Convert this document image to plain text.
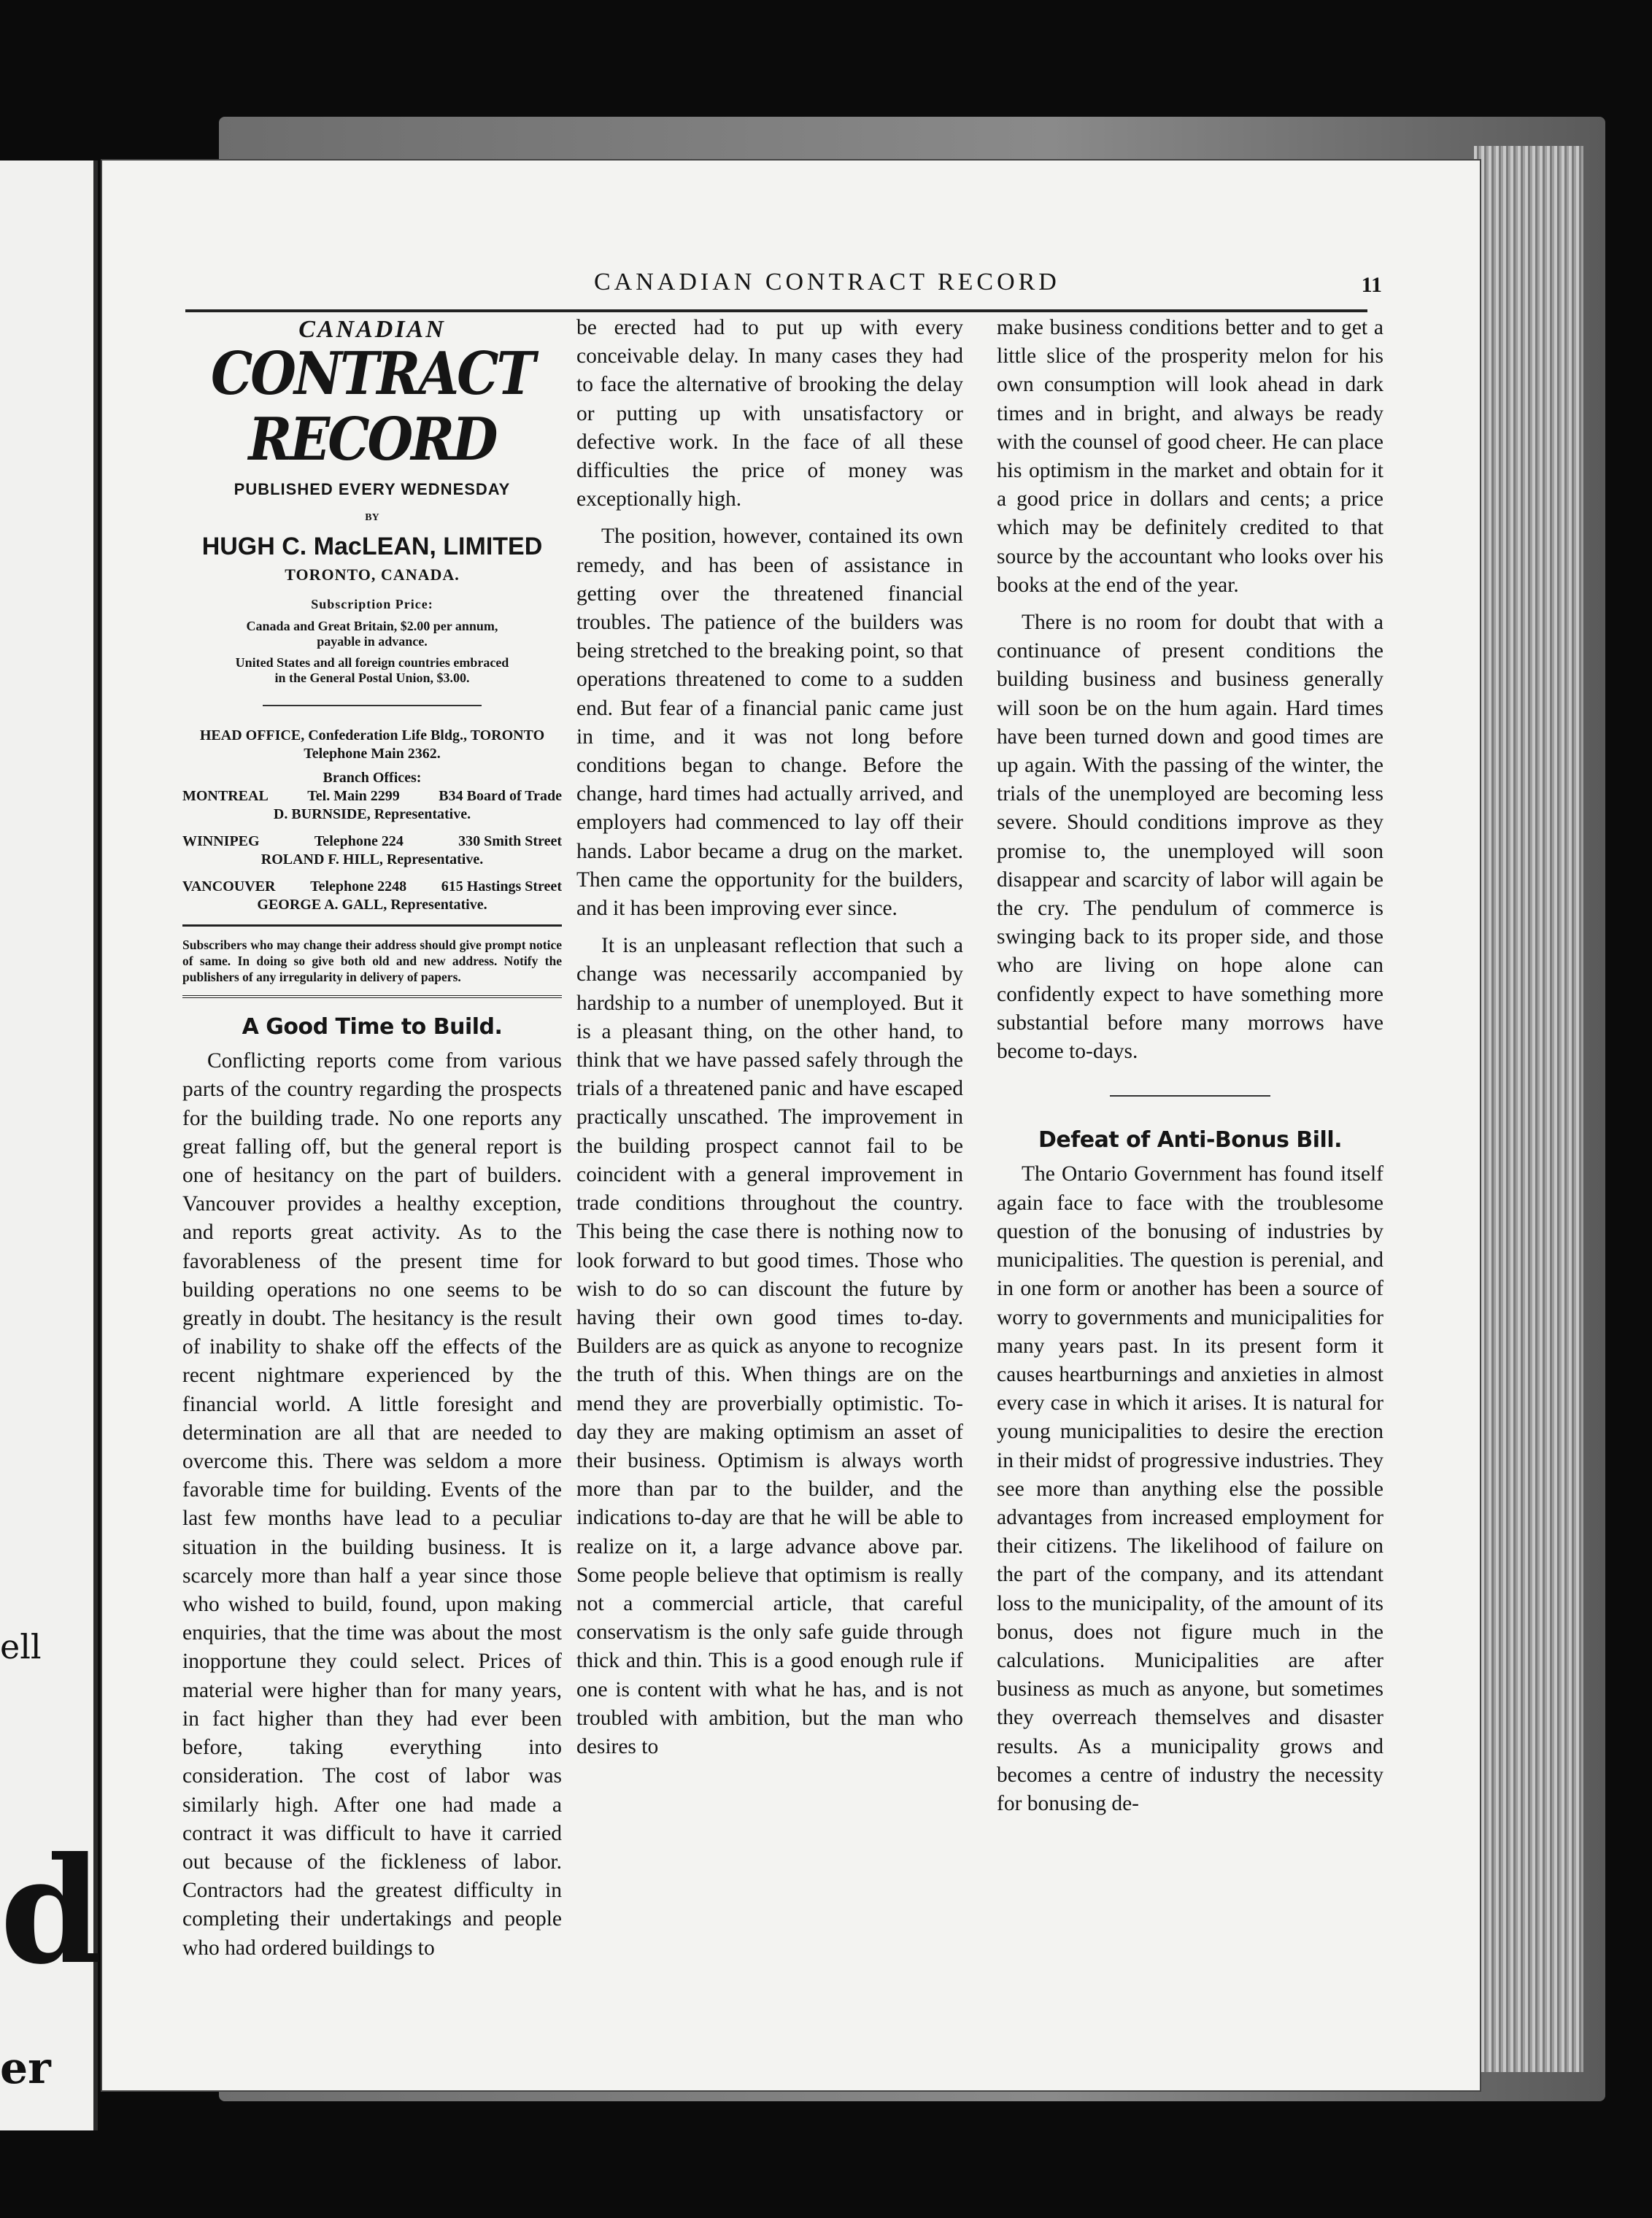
ell
d
er
CANADIAN CONTRACT RECORD	11
CANADIAN
CONTRACT RECORD
PUBLISHED EVERY WEDNESDAY
BY
HUGH C. MacLEAN, LIMITED
TORONTO, CANADA.
Subscription Price:
Canada and Great Britain, $2.00 per annum,
payable in advance.
United States and all foreign countries embraced
in the General Postal Union, $3.00.
HEAD OFFICE, Confederation Life Bldg., TORONTO
Telephone Main 2362.
Branch Offices:
MONTREAL	Tel. Main 2299	B34 Board of Trade
D. BURNSIDE, Representative.
WINNIPEG	Telephone 224	330 Smith Street
ROLAND F. HILL, Representative.
VANCOUVER Telephone 2248 615 Hastings Street
GEORGE A. GALL, Representative.
Subscribers who may change their address should give prompt notice of same. In doing so give both old and new address. Notify the publishers of any irregularity in delivery of papers.
A Good Time to Build.

Conflicting reports come from various parts of the country regarding the prospects for the building trade. No one reports any great falling off, but the general report is one of hesitancy on the part of builders. Vancouver provides a healthy exception, and reports great activity. As to the favorableness of the present time for building operations no one seems to be greatly in doubt. The hesitancy is the result of inability to shake off the effects of the recent nightmare experienced by the financial world. A little foresight and determination are all that are needed to overcome this. There was seldom a more favorable time for building. Events of the last few months have lead to a peculiar situation in the building business. It is scarcely more than half a year since those who wished to build, found, upon making enquiries, that the time was about the most inopportune they could select. Prices of material were higher than for many years, in fact higher than they had ever been before, taking everything into consideration. The cost of labor was similarly high. After one had made a contract it was difficult to have it carried out because of the fickleness of labor. Contractors had the greatest difficulty in completing their undertakings and people who had ordered buildings to

be erected had to put up with every conceivable delay. In many cases they had to face the alternative of brooking the delay or putting up with unsatisfactory or defective work. In the face of all these difficulties the price of money was exceptionally high.

The position, however, contained its own remedy, and has been of assistance in getting over the threatened financial troubles. The patience of the builders was being stretched to the breaking point, so that operations threatened to come to a sudden end. But fear of a financial panic came just in time, and it was not long before conditions began to change. Before the change, hard times had actually arrived, and employers had commenced to lay off their hands. Labor became a drug on the market. Then came the opportunity for the builders, and it has been improving ever since.

It is an unpleasant reflection that such a change was necessarily accompanied by hardship to a number of unemployed. But it is a pleasant thing, on the other hand, to think that we have passed safely through the trials of a threatened panic and have escaped practically unscathed. The improvement in the building prospect cannot fail to be coincident with a general improvement in trade conditions throughout the country. This being the case there is nothing now to look forward to but good times. Those who wish to do so can discount the future by having their own good times to-day. Builders are as quick as anyone to recognize the truth of this. When things are on the mend they are proverbially optimistic. To-day they are making optimism an asset of their business. Optimism is always worth more than par to the builder, and the indications to-day are that he will be able to realize on it, a large advance above par. Some people believe that optimism is really not a commercial article, that careful conservatism is the only safe guide through thick and thin. This is a good enough rule if one is content with what he has, and is not troubled with ambition, but the man who desires to

make business conditions better and to get a little slice of the prosperity melon for his own consumption will look ahead in dark times and in bright, and always be ready with the counsel of good cheer. He can place his optimism in the market and obtain for it a good price in dollars and cents; a price which may be definitely credited to that source by the accountant who looks over his books at the end of the year.

There is no room for doubt that with a continuance of present conditions the building business and business generally will soon be on the hum again. Hard times have been turned down and good times are up again. With the passing of the winter, the trials of the unemployed are becoming less severe. Should conditions improve as they promise to, the unemployed will soon disappear and scarcity of labor will again be the cry. The pendulum of commerce is swinging back to its proper side, and those who are living on hope alone can confidently expect to have something more substantial before many morrows have become to-days.

Defeat of Anti-Bonus Bill.

The Ontario Government has found itself again face to face with the troublesome question of the bonusing of industries by municipalities. The question is perenial, and in one form or another has been a source of worry to governments and municipalities for many years past. In its present form it causes heartburnings and anxieties in almost every case in which it arises. It is natural for young municipalities to desire the erection in their midst of progressive industries. They see more than anything else the possible advantages from increased employment for their citizens. The likelihood of failure on the part of the company, and its attendant loss to the municipality, of the amount of its bonus, does not figure much in the calculations. Municipalities are after business as much as anyone, but sometimes they overreach themselves and disaster results. As a municipality grows and becomes a centre of industry the necessity for bonusing de-
